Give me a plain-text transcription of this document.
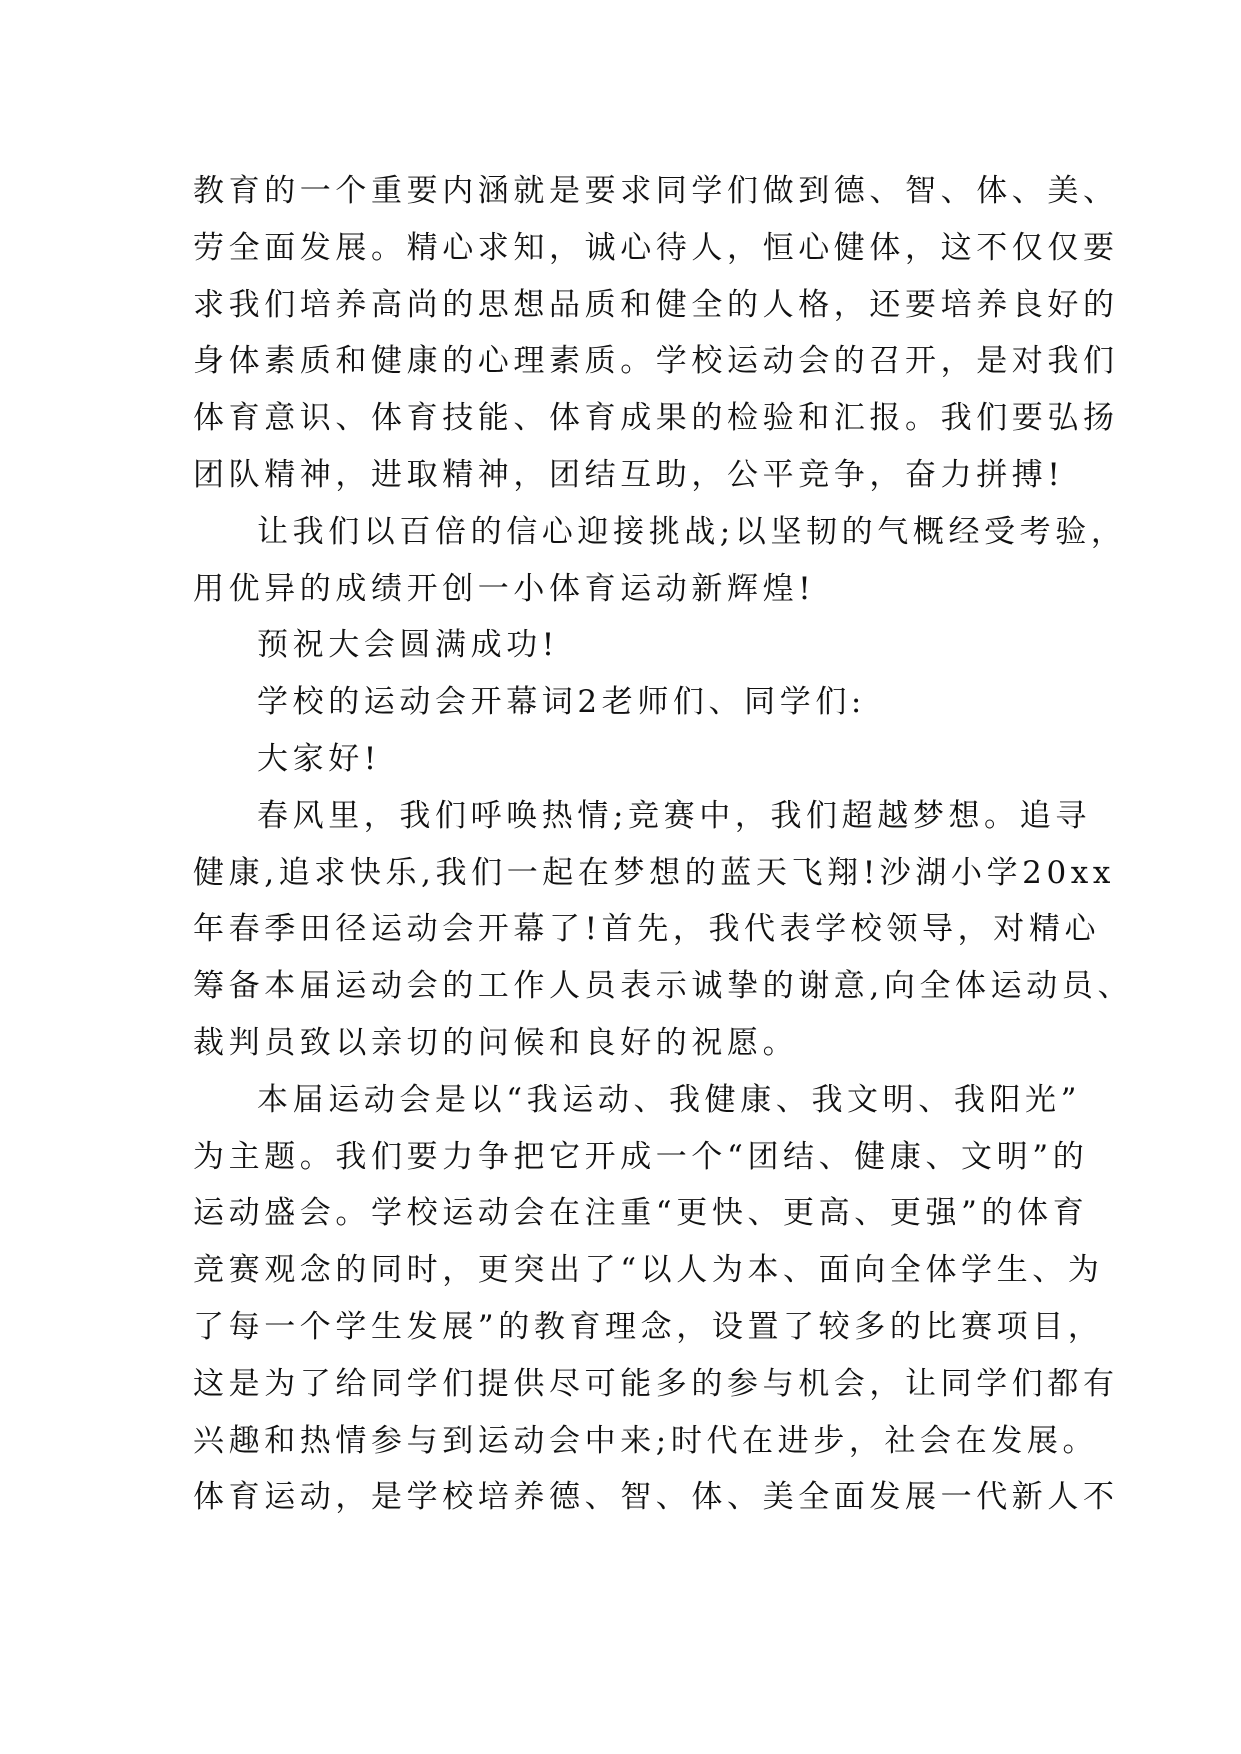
教育的一个重要内涵就是要求同学们做到德、智、体、美、
劳全面发展。精心求知，诚心待人，恒心健体，这不仅仅要
求我们培养高尚的思想品质和健全的人格，还要培养良好的
身体素质和健康的心理素质。学校运动会的召开，是对我们
体育意识、体育技能、体育成果的检验和汇报。我们要弘扬
团队精神，进取精神，团结互助，公平竞争，奋力拼搏!
让我们以百倍的信心迎接挑战;以坚韧的气概经受考验，
用优异的成绩开创一小体育运动新辉煌!
预祝大会圆满成功!
学校的运动会开幕词2老师们、同学们:
大家好!
春风里，我们呼唤热情;竞赛中，我们超越梦想。追寻
健康,追求快乐,我们一起在梦想的蓝天飞翔!沙湖小学20xx
年春季田径运动会开幕了!首先，我代表学校领导，对精心
筹备本届运动会的工作人员表示诚挚的谢意,向全体运动员、
裁判员致以亲切的问候和良好的祝愿。
本届运动会是以“我运动、我健康、我文明、我阳光”
为主题。我们要力争把它开成一个“团结、健康、文明”的
运动盛会。学校运动会在注重“更快、更高、更强”的体育
竞赛观念的同时，更突出了“以人为本、面向全体学生、为
了每一个学生发展”的教育理念，设置了较多的比赛项目，
这是为了给同学们提供尽可能多的参与机会，让同学们都有
兴趣和热情参与到运动会中来;时代在进步，社会在发展。
体育运动，是学校培养德、智、体、美全面发展一代新人不
